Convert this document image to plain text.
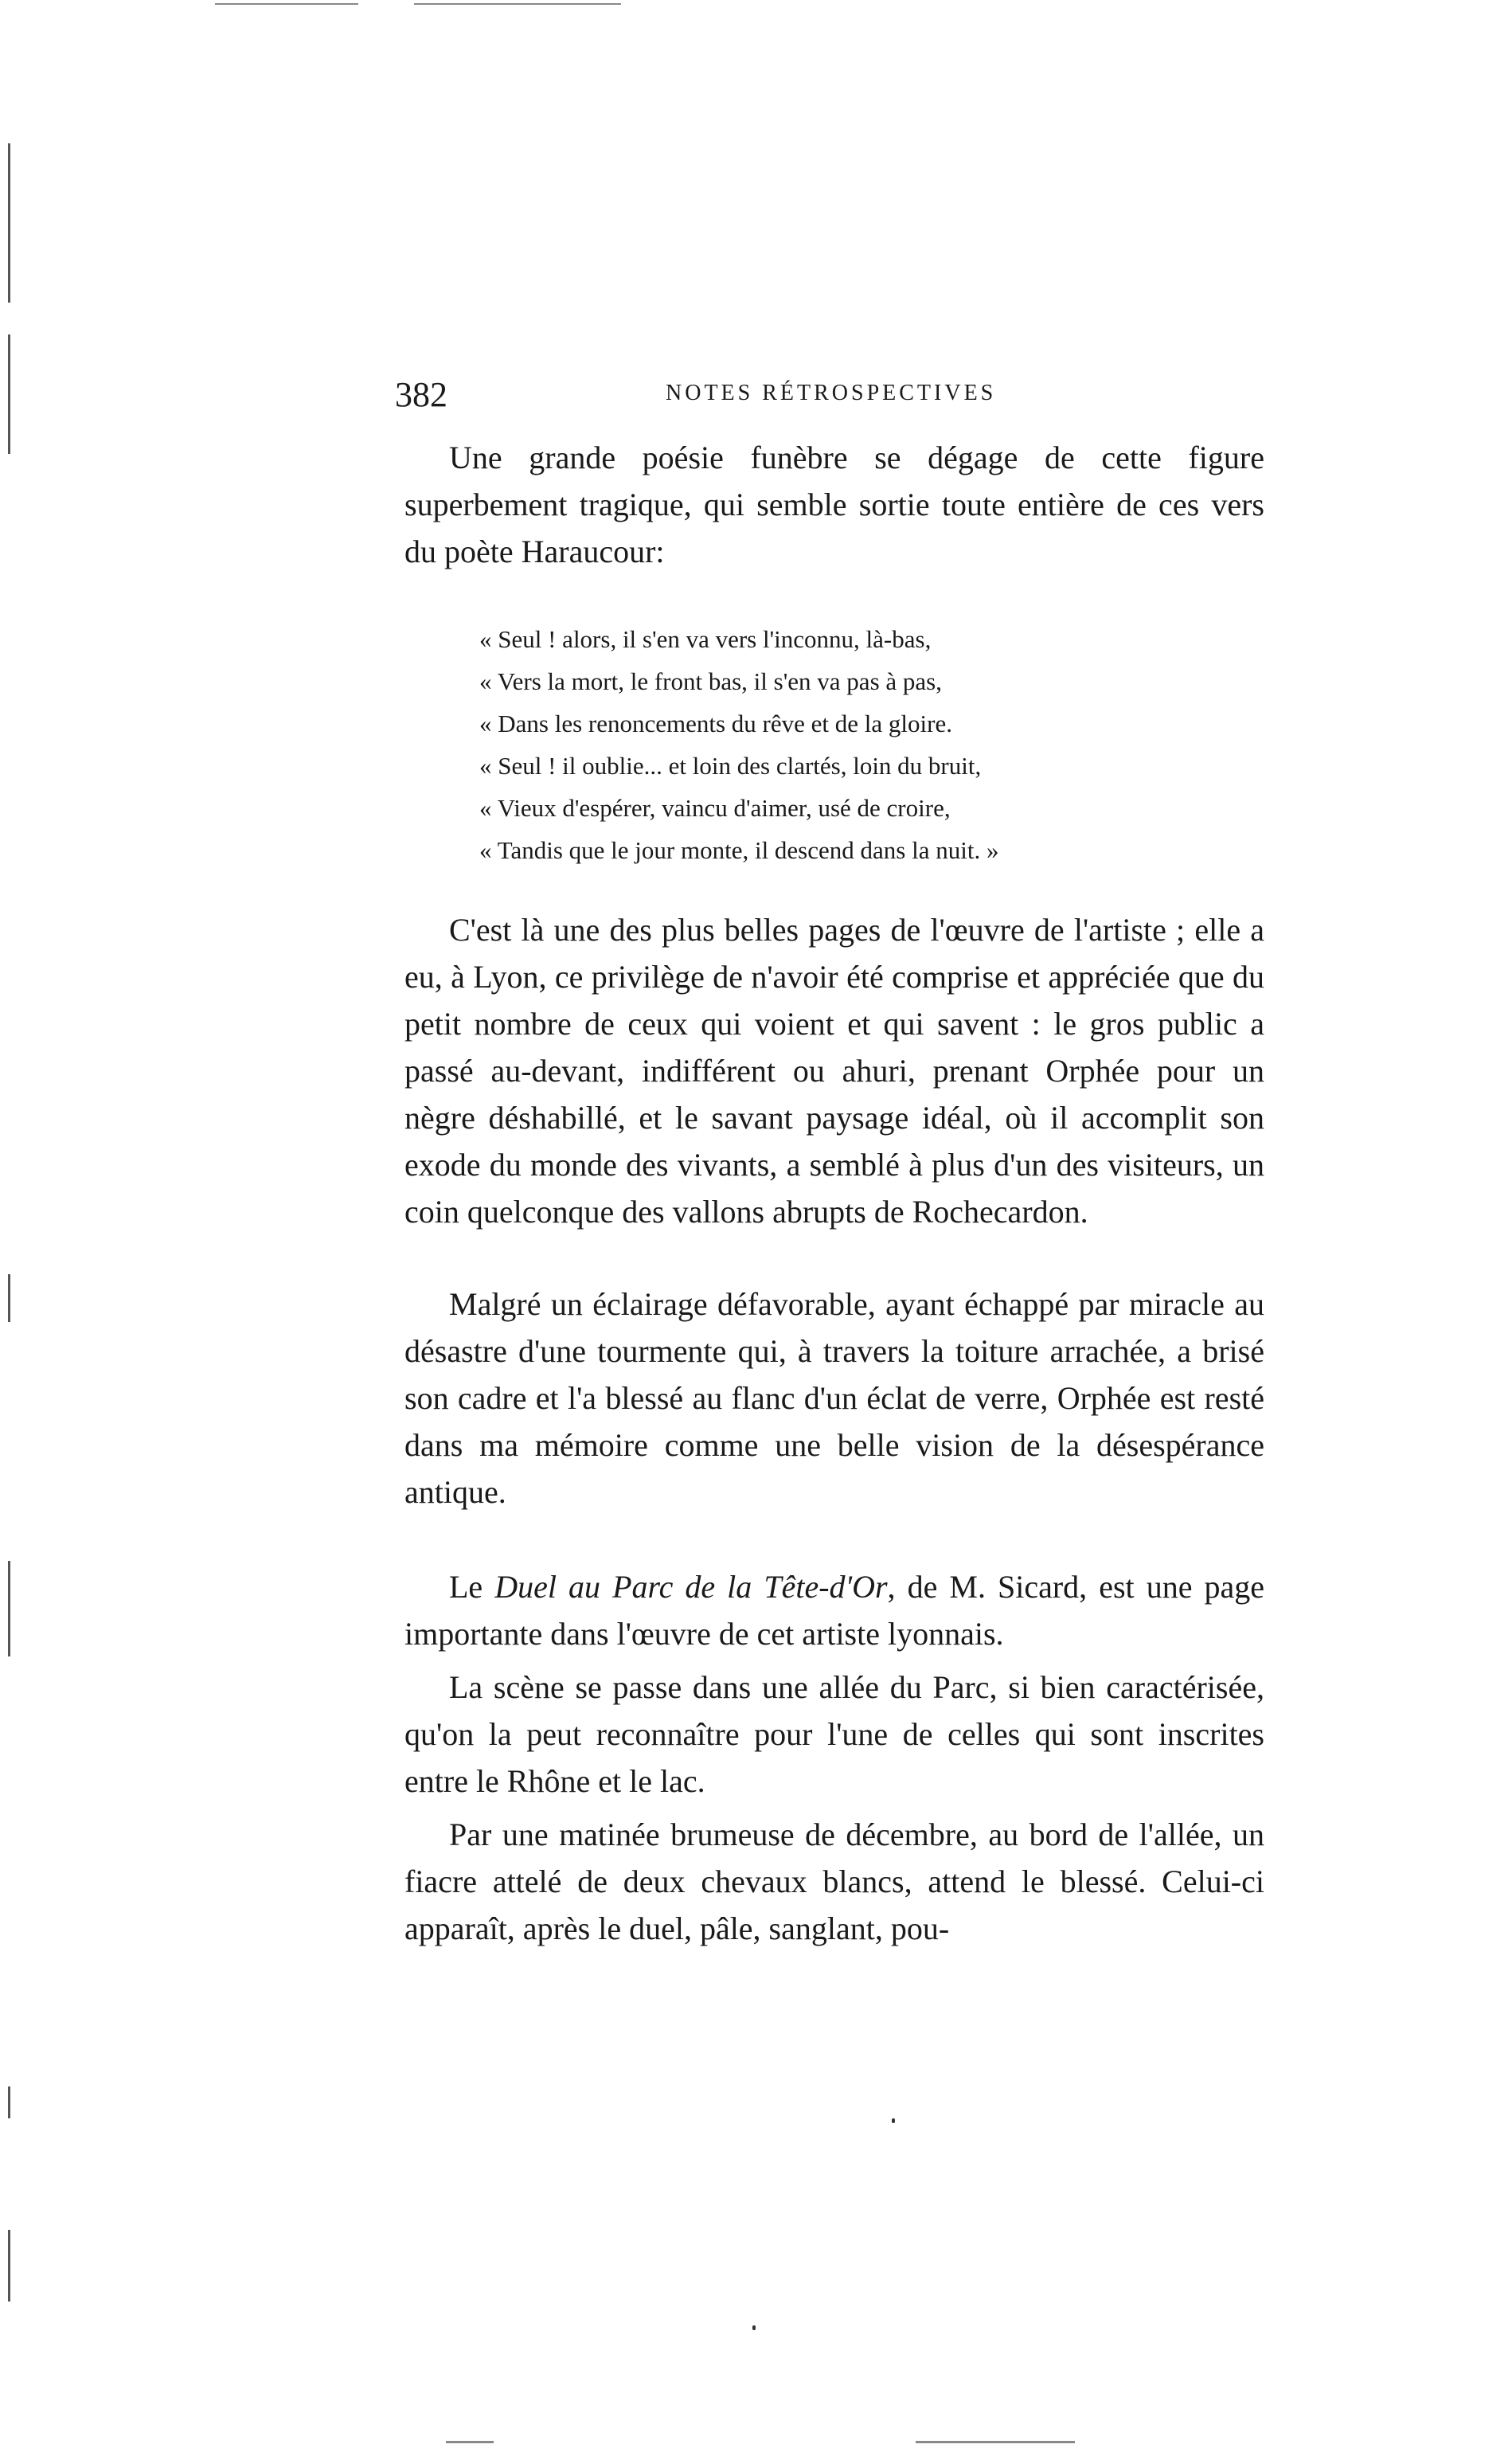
382	NOTES RÉTROSPECTIVES

Une grande poésie funèbre se dégage de cette figure superbement tragique, qui semble sortie toute entière de ces vers du poète Haraucour:

« Seul ! alors, il s'en va vers l'inconnu, là-bas,
« Vers la mort, le front bas, il s'en va pas à pas,
« Dans les renoncements du rêve et de la gloire.
« Seul ! il oublie... et loin des clartés, loin du bruit,
« Vieux d'espérer, vaincu d'aimer, usé de croire,
« Tandis que le jour monte, il descend dans la nuit. »

C'est là une des plus belles pages de l'œuvre de l'artiste ; elle a eu, à Lyon, ce privilège de n'avoir été comprise et appréciée que du petit nombre de ceux qui voient et qui savent : le gros public a passé au-devant, indifférent ou ahuri, prenant Orphée pour un nègre déshabillé, et le savant paysage idéal, où il accomplit son exode du monde des vivants, a semblé à plus d'un des visiteurs, un coin quelconque des vallons abrupts de Rochecardon.

Malgré un éclairage défavorable, ayant échappé par miracle au désastre d'une tourmente qui, à travers la toiture arrachée, a brisé son cadre et l'a blessé au flanc d'un éclat de verre, Orphée est resté dans ma mémoire comme une belle vision de la désespérance antique.

Le Duel au Parc de la Tête-d'Or, de M. Sicard, est une page importante dans l'œuvre de cet artiste lyonnais.

La scène se passe dans une allée du Parc, si bien caractérisée, qu'on la peut reconnaître pour l'une de celles qui sont inscrites entre le Rhône et le lac.

Par une matinée brumeuse de décembre, au bord de l'allée, un fiacre attelé de deux chevaux blancs, attend le blessé. Celui-ci apparaît, après le duel, pâle, sanglant, pou-
